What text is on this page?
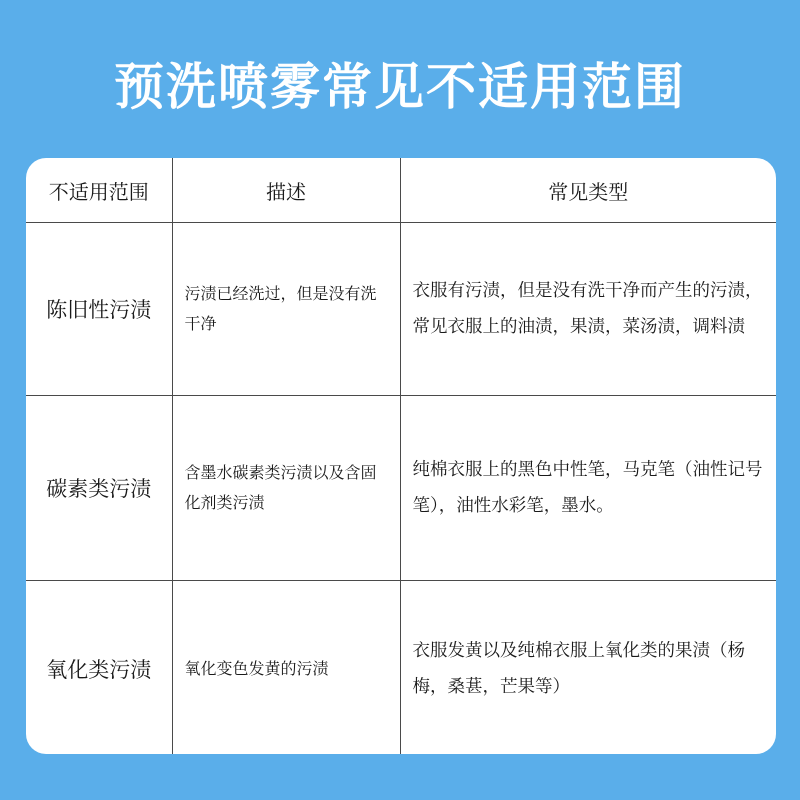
预洗喷雾常见不适用范围
不适用范围	描述	常见类型
陈旧性污渍	污渍已经洗过，但是没有洗干净	衣服有污渍，但是没有洗干净而产生的污渍，常见衣服上的油渍，果渍，菜汤渍，调料渍

碳素类污渍	含墨水碳素类污渍以及含固化剂类污渍	纯棉衣服上的黑色中性笔，马克笔（油性记号笔），油性水彩笔，墨水。

氧化类污渍	氧化变色发黄的污渍	衣服发黄以及纯棉衣服上氧化类的果渍（杨梅，桑葚，芒果等）
